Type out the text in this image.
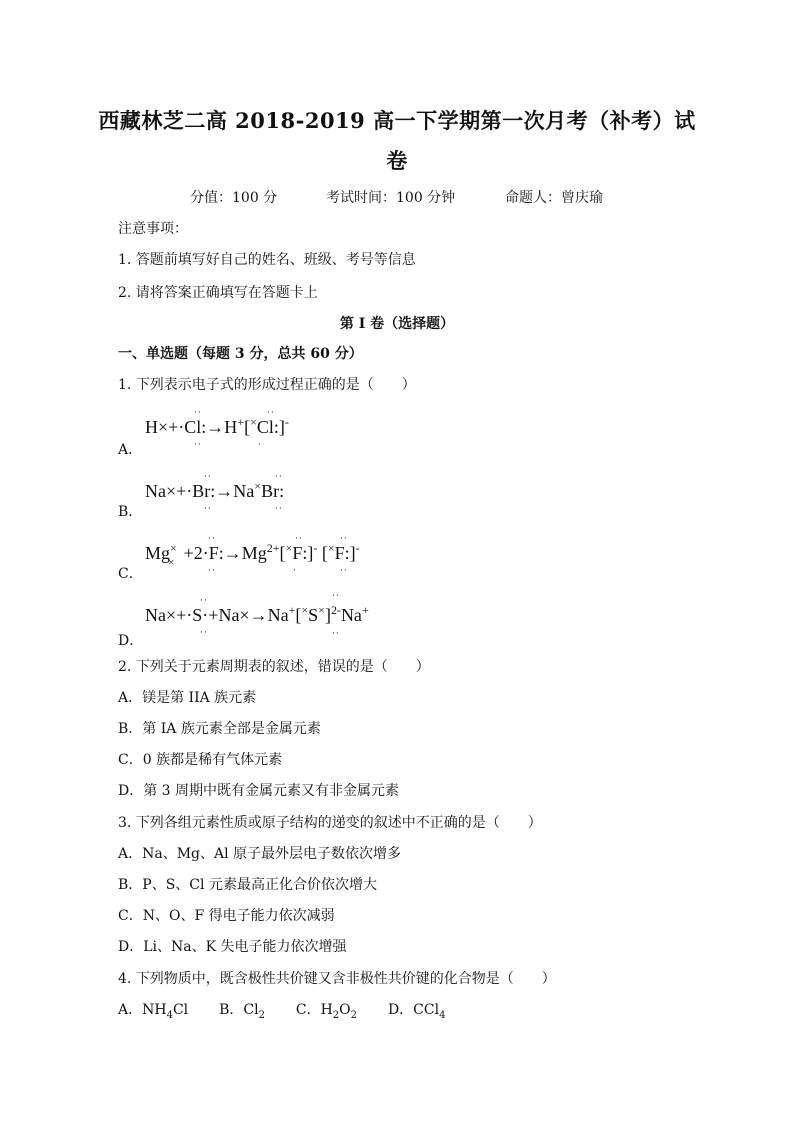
西藏林芝二高 2018-2019 高一下学期第一次月考（补考）试
卷
分值：100 分	考试时间：100 分钟	命题人：曾庆瑜
注意事项：
1. 答题前填写好自己的姓名、班级、考号等信息
2. 请将答案正确填写在答题卡上
第 I 卷（选择题）
一、单选题（每题 3 分，总共 60 分）
1. 下列表示电子式的形成过程正确的是（　　）
H×+·Cl:→H+[×Cl:]-
··
··
··
·
A．
Na×+·Br:→Na×Br:
··
··
··
··
B．
$Mg^\times_\times$ $+2\cdot F:\to Mg^{2+}[^\times F:]^-$ [×F:]-
··
··
··
·
··
··
C．
$Na\times+\cdot S\cdot+Na\times\to Na^+[^\times S^\times]^{2-}Na^+$
··
··
··
··
D．
2. 下列关于元素周期表的叙述，错误的是（　　）
A．镁是第 IIA 族元素
B．第 IA 族元素全部是金属元素
C．0 族都是稀有气体元素
D．第 3 周期中既有金属元素又有非金属元素
3. 下列各组元素性质或原子结构的递变的叙述中不正确的是（　　）
A．Na、Mg、Al 原子最外层电子数依次增多
B．P、S、Cl 元素最高正化合价依次增大
C．N、O、F 得电子能力依次减弱
D．Li、Na、K 失电子能力依次增强
4. 下列物质中，既含极性共价键又含非极性共价键的化合物是（　　）
A．$NH_4Cl$ B．$Cl_2$ C．$H_2O_2$ D．CCl$_4$
